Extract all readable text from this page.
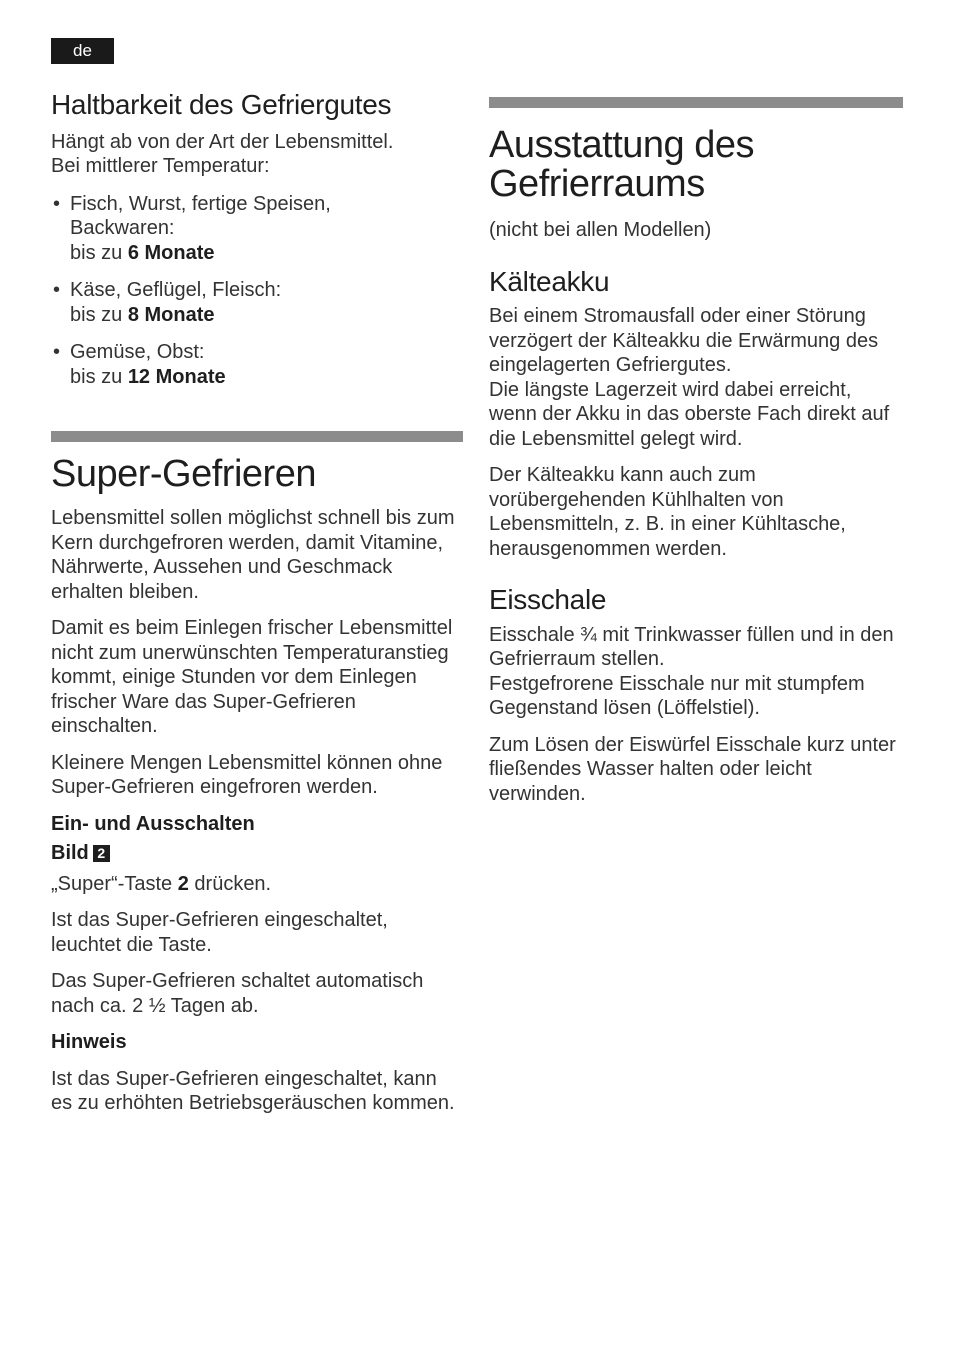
de
Haltbarkeit des Gefriergutes

Hängt ab von der Art der Lebensmittel.
Bei mittlerer Temperatur:

• Fisch, Wurst, fertige Speisen, Backwaren:
bis zu 6 Monate
• Käse, Geflügel, Fleisch:
bis zu 8 Monate
• Gemüse, Obst:
bis zu 12 Monate
Super-Gefrieren

Lebensmittel sollen möglichst schnell bis zum Kern durchgefroren werden, damit Vitamine, Nährwerte, Aussehen und Geschmack erhalten bleiben.

Damit es beim Einlegen frischer Lebensmittel nicht zum unerwünschten Temperaturanstieg kommt, einige Stunden vor dem Einlegen frischer Ware das Super-Gefrieren einschalten.

Kleinere Mengen Lebensmittel können ohne Super-Gefrieren eingefroren werden.

Ein- und Ausschalten

Bild 2

„Super“-Taste 2 drücken.

Ist das Super-Gefrieren eingeschaltet, leuchtet die Taste.

Das Super-Gefrieren schaltet automatisch nach ca. 2 ½ Tagen ab.

Hinweis

Ist das Super-Gefrieren eingeschaltet, kann es zu erhöhten Betriebsgeräuschen kommen.

Ausstattung des
Gefrierraums

(nicht bei allen Modellen)

Kälteakku

Bei einem Stromausfall oder einer Störung verzögert der Kälteakku die Erwärmung des eingelagerten Gefriergutes.

Die längste Lagerzeit wird dabei erreicht, wenn der Akku in das oberste Fach direkt auf die Lebensmittel gelegt wird.

Der Kälteakku kann auch zum vorübergehenden Kühlhalten von Lebensmitteln, z. B. in einer Kühltasche, herausgenommen werden.

Eisschale

Eisschale ¾ mit Trinkwasser füllen und in den Gefrierraum stellen.

Festgefrorene Eisschale nur mit stumpfem Gegenstand lösen (Löffelstiel).

Zum Lösen der Eiswürfel Eisschale kurz unter fließendes Wasser halten oder leicht verwinden.
